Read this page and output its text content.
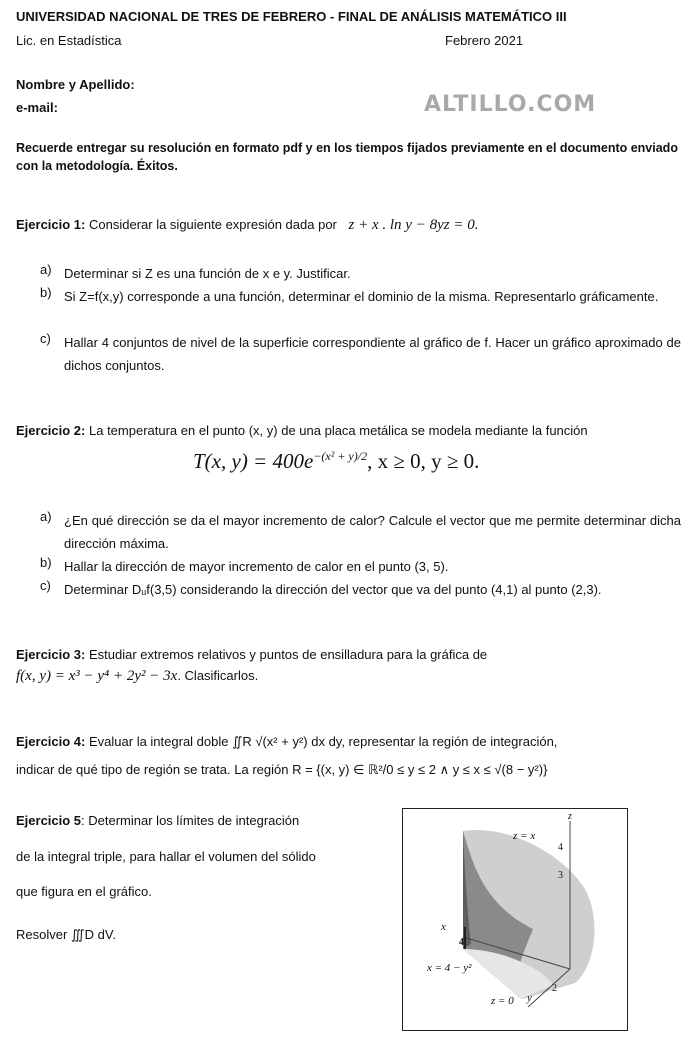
UNIVERSIDAD NACIONAL DE TRES DE FEBRERO - FINAL DE ANÁLISIS MATEMÁTICO III
Lic. en Estadística	Febrero 2021
Nombre y Apellido:
e-mail:	ALTILLO.COM
Recuerde entregar su resolución en formato pdf y en los tiempos fijados previamente en el documento enviado con la metodología. Éxitos.
Ejercicio 1: Considerar la siguiente expresión dada por z + x . ln y − 8yz = 0.
a) Determinar si Z es una función de x e y. Justificar.
b) Si Z=f(x,y) corresponde a una función, determinar el dominio de la misma. Representarlo gráficamente.
c) Hallar 4 conjuntos de nivel de la superficie correspondiente al gráfico de f. Hacer un gráfico aproximado de dichos conjuntos.
Ejercicio 2: La temperatura en el punto (x, y) de una placa metálica se modela mediante la función
T(x, $y) = 400e^{-(x^2 + y)/2}$, x ≥ 0, y ≥ 0.
a) ¿En qué dirección se da el mayor incremento de calor? Calcule el vector que me permite determinar dicha dirección máxima.
b) Hallar la dirección de mayor incremento de calor en el punto (3, 5).
c) Determinar Dᵤf(3,5) considerando la dirección del vector que va del punto (4,1) al punto (2,3).
Ejercicio 3: Estudiar extremos relativos y puntos de ensilladura para la gráfica de
f(x, y) = x³ − y⁴ + 2y² − 3x. Clasificarlos.
Ejercicio 4: Evaluar la integral doble ∬R √(x² + y²) dx dy, representar la región de integración,
indicar de qué tipo de región se trata. La región R = {(x, y) ∈ ℝ²/0 ≤ y ≤ 2 ∧ y ≤ x ≤ √(8 − y²)}
Ejercicio 5: Determinar los límites de integración
de la integral triple, para hallar el volumen del sólido
que figura en el gráfico.
Resolver ∭D dV.
z = x
x = 4 − y²
z = 0
z
x
y
4
3
4
2
